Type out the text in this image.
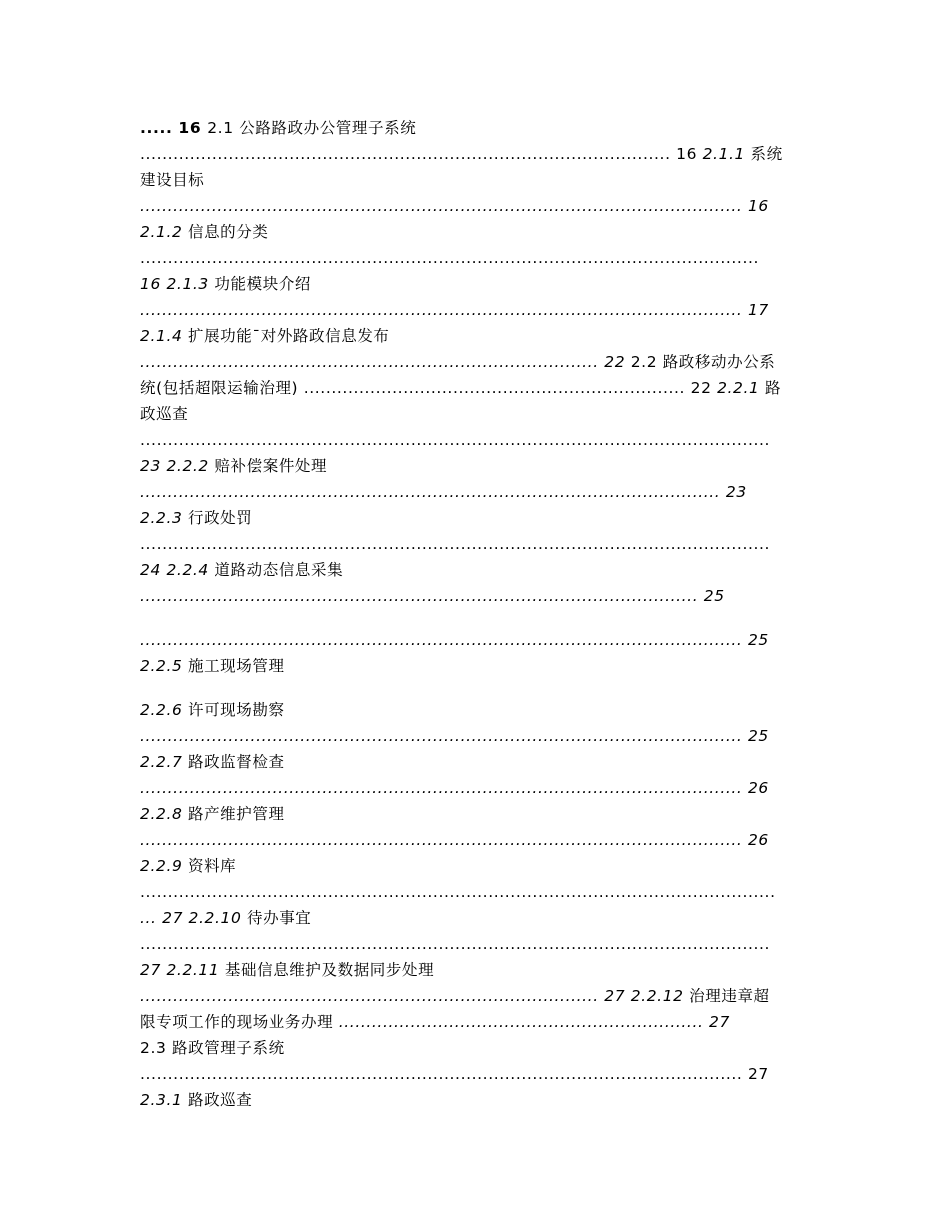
..... 16 2.1 公路路政办公管理子系统
................................................................................................ 16 2.1.1 系统
建设目标
............................................................................................................. 16
2.1.2 信息的分类
................................................................................................................
16 2.1.3 功能模块介绍
............................................................................................................. 17
2.1.4 扩展功能¯对外路政信息发布
................................................................................... 22 2.2 路政移动办公系
统(包括超限运输治理) ..................................................................... 22 2.2.1 路
政巡查
..................................................................................................................
23 2.2.2 赔补偿案件处理
......................................................................................................... 23
2.2.3 行政处罚
..................................................................................................................
24 2.2.4 道路动态信息采集
..................................................................................................... 25
............................................................................................................. 25
2.2.5 施工现场管理
2.2.6 许可现场勘察
............................................................................................................. 25
2.2.7 路政监督检查
............................................................................................................. 26
2.2.8 路产维护管理
............................................................................................................. 26
2.2.9 资料库
...................................................................................................................
... 27 2.2.10 待办事宜
..................................................................................................................
27 2.2.11 基础信息维护及数据同步处理
................................................................................... 27 2.2.12 治理违章超
限专项工作的现场业务办理 .................................................................. 27
2.3 路政管理子系统
............................................................................................................. 27
2.3.1 路政巡查
